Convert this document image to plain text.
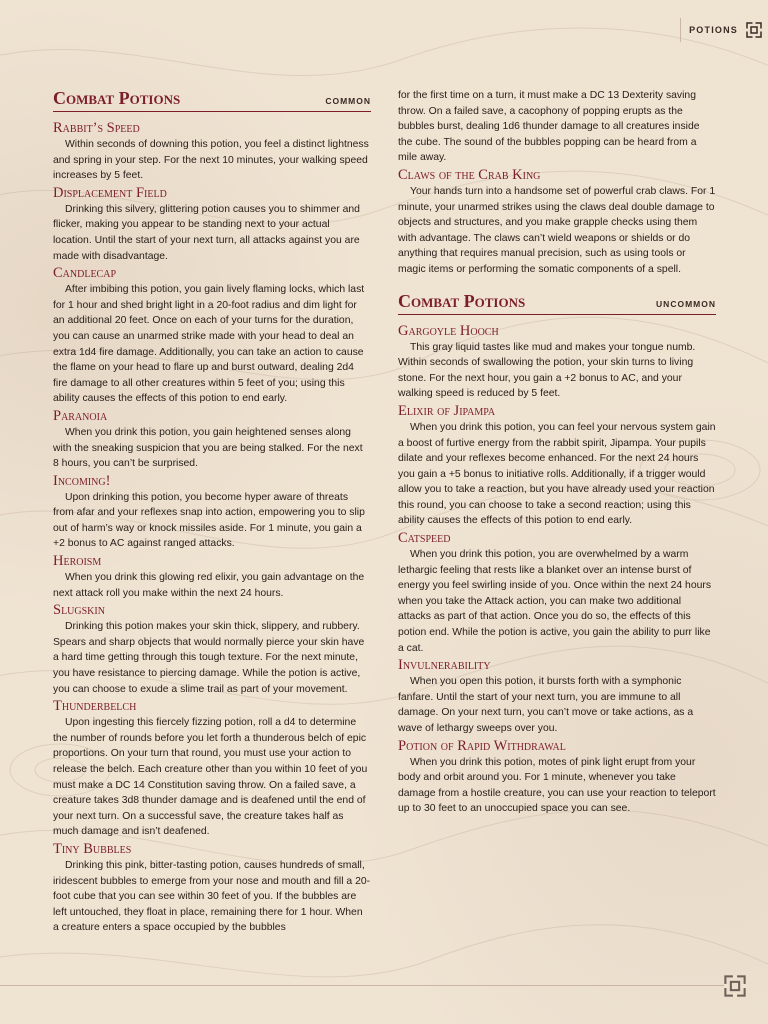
POTIONS
Combat Potions	COMMON

Rabbit’s Speed

Within seconds of downing this potion, you feel a distinct lightness and spring in your step. For the next 10 minutes, your walking speed increases by 5 feet.

Displacement Field

Drinking this silvery, glittering potion causes you to shimmer and flicker, making you appear to be standing next to your actual location. Until the start of your next turn, all attacks against you are made with disadvantage.

Candlecap

After imbibing this potion, you gain lively flaming locks, which last for 1 hour and shed bright light in a 20-foot radius and dim light for an additional 20 feet. Once on each of your turns for the duration, you can cause an unarmed strike made with your head to deal an extra 1d4 fire damage. Additionally, you can take an action to cause the flame on your head to flare up and burst outward, dealing 2d4 fire damage to all other creatures within 5 feet of you; using this ability causes the effects of this potion to end early.

Paranoia

When you drink this potion, you gain heightened senses along with the sneaking suspicion that you are being stalked. For the next 8 hours, you can’t be surprised.

Incoming!

Upon drinking this potion, you become hyper aware of threats from afar and your reflexes snap into action, empowering you to slip out of harm’s way or knock missiles aside. For 1 minute, you gain a +2 bonus to AC against ranged attacks.

Heroism

When you drink this glowing red elixir, you gain advantage on the next attack roll you make within the next 24 hours.

Slugskin

Drinking this potion makes your skin thick, slippery, and rubbery. Spears and sharp objects that would normally pierce your skin have a hard time getting through this tough texture. For the next minute, you have resistance to piercing damage. While the potion is active, you can choose to exude a slime trail as part of your movement.

Thunderbelch

Upon ingesting this fiercely fizzing potion, roll a d4 to determine the number of rounds before you let forth a thunderous belch of epic proportions. On your turn that round, you must use your action to release the belch. Each creature other than you within 10 feet of you must make a DC 14 Constitution saving throw. On a failed save, a creature takes 3d8 thunder damage and is deafened until the end of your next turn. On a successful save, the creature takes half as much damage and isn’t deafened.

Tiny Bubbles

Drinking this pink, bitter-tasting potion, causes hundreds of small, iridescent bubbles to emerge from your nose and mouth and fill a 20-foot cube that you can see within 30 feet of you. If the bubbles are left untouched, they float in place, remaining there for 1 hour. When a creature enters a space occupied by the bubbles

for the first time on a turn, it must make a DC 13 Dexterity saving throw. On a failed save, a cacophony of popping erupts as the bubbles burst, dealing 1d6 thunder damage to all creatures inside the cube. The sound of the bubbles popping can be heard from a mile away.

Claws of the Crab King

Your hands turn into a handsome set of powerful crab claws. For 1 minute, your unarmed strikes using the claws deal double damage to objects and structures, and you make grapple checks using them with advantage. The claws can’t wield weapons or shields or do anything that requires manual precision, such as using tools or magic items or performing the somatic components of a spell.

Combat Potions	UNCOMMON

Gargoyle Hooch

This gray liquid tastes like mud and makes your tongue numb. Within seconds of swallowing the potion, your skin turns to living stone. For the next hour, you gain a +2 bonus to AC, and your walking speed is reduced by 5 feet.

Elixir of Jipampa

When you drink this potion, you can feel your nervous system gain a boost of furtive energy from the rabbit spirit, Jipampa. Your pupils dilate and your reflexes become enhanced. For the next 24 hours you gain a +5 bonus to initiative rolls. Additionally, if a trigger would allow you to take a reaction, but you have already used your reaction this round, you can choose to take a second reaction; using this ability causes the effects of this potion to end early.

Catspeed

When you drink this potion, you are overwhelmed by a warm lethargic feeling that rests like a blanket over an intense burst of energy you feel swirling inside of you. Once within the next 24 hours when you take the Attack action, you can make two additional attacks as part of that action. Once you do so, the effects of this potion end. While the potion is active, you gain the ability to purr like a cat.

Invulnerability

When you open this potion, it bursts forth with a symphonic fanfare. Until the start of your next turn, you are immune to all damage. On your next turn, you can’t move or take actions, as a wave of lethargy sweeps over you.

Potion of Rapid Withdrawal

When you drink this potion, motes of pink light erupt from your body and orbit around you. For 1 minute, whenever you take damage from a hostile creature, you can use your reaction to teleport up to 30 feet to an unoccupied space you can see.
